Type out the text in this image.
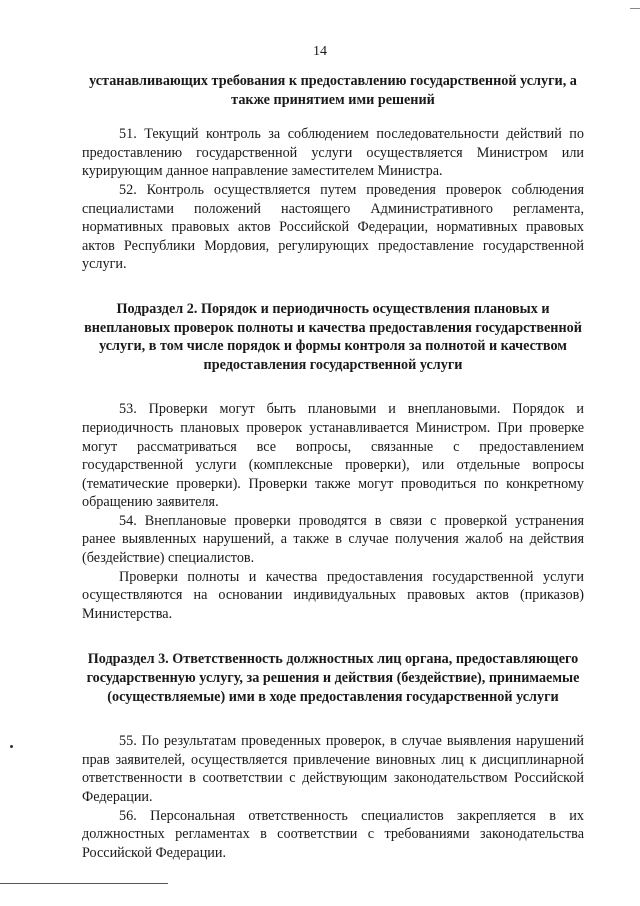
14

устанавливающих требования к предоставлению государственной услуги, а также принятием ими решений

51. Текущий контроль за соблюдением последовательности действий по предоставлению государственной услуги осуществляется Министром или курирующим данное направление заместителем Министра.

52. Контроль осуществляется путем проведения проверок соблюдения специалистами положений настоящего Административного регламента, нормативных правовых актов Российской Федерации, нормативных правовых актов Республики Мордовия, регулирующих предоставление государственной услуги.

Подраздел 2. Порядок и периодичность осуществления плановых и внеплановых проверок полноты и качества предоставления государственной услуги, в том числе порядок и формы контроля за полнотой и качеством предоставления государственной услуги

53. Проверки могут быть плановыми и внеплановыми. Порядок и периодичность плановых проверок устанавливается Министром. При проверке могут рассматриваться все вопросы, связанные с предоставлением государственной услуги (комплексные проверки), или отдельные вопросы (тематические проверки). Проверки также могут проводиться по конкретному обращению заявителя.

54. Внеплановые проверки проводятся в связи с проверкой устранения ранее выявленных нарушений, а также в случае получения жалоб на действия (бездействие) специалистов.

Проверки полноты и качества предоставления государственной услуги осуществляются на основании индивидуальных правовых актов (приказов) Министерства.

Подраздел 3. Ответственность должностных лиц органа, предоставляющего государственную услугу, за решения и действия (бездействие), принимаемые (осуществляемые) ими в ходе предоставления государственной услуги

55. По результатам проведенных проверок, в случае выявления нарушений прав заявителей, осуществляется привлечение виновных лиц к дисциплинарной ответственности в соответствии с действующим законодательством Российской Федерации.

56. Персональная ответственность специалистов закрепляется в их должностных регламентах в соответствии с требованиями законодательства Российской Федерации.
